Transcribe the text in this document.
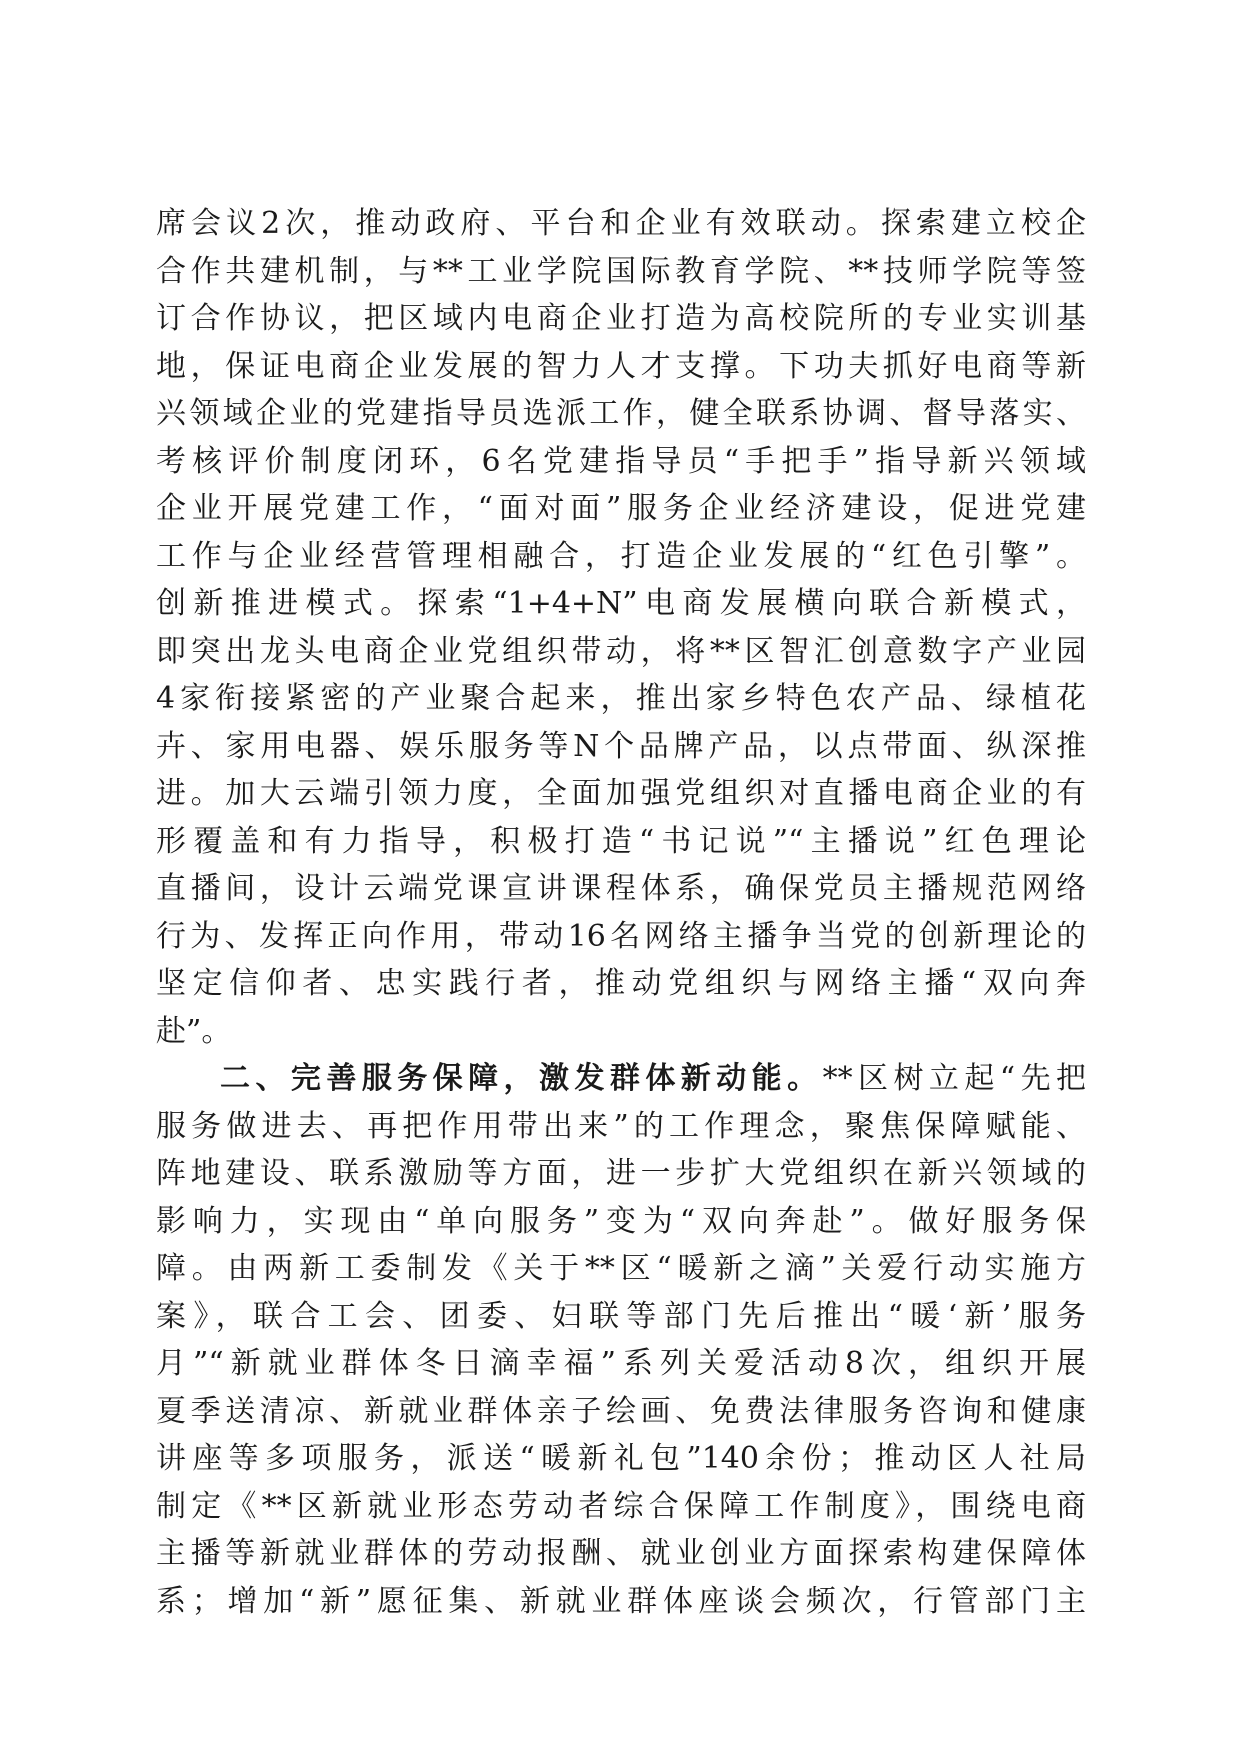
席会议2次，推动政府、平台和企业有效联动。探索建立校企
合作共建机制，与**工业学院国际教育学院、**技师学院等签
订合作协议，把区域内电商企业打造为高校院所的专业实训基
地，保证电商企业发展的智力人才支撑。下功夫抓好电商等新
兴领域企业的党建指导员选派工作，健全联系协调、督导落实、
考核评价制度闭环，6名党建指导员“手把手”指导新兴领域
企业开展党建工作，“面对面”服务企业经济建设，促进党建
工作与企业经营管理相融合，打造企业发展的“红色引擎”。
创新推进模式。探索“1+4+N”电商发展横向联合新模式，
即突出龙头电商企业党组织带动，将**区智汇创意数字产业园
4家衔接紧密的产业聚合起来，推出家乡特色农产品、绿植花
卉、家用电器、娱乐服务等N个品牌产品，以点带面、纵深推
进。加大云端引领力度，全面加强党组织对直播电商企业的有
形覆盖和有力指导，积极打造“书记说”“主播说”红色理论
直播间，设计云端党课宣讲课程体系，确保党员主播规范网络
行为、发挥正向作用，带动16名网络主播争当党的创新理论的
坚定信仰者、忠实践行者，推动党组织与网络主播“双向奔
赴”。
二、完善服务保障，激发群体新动能。**区树立起“先把
服务做进去、再把作用带出来”的工作理念，聚焦保障赋能、
阵地建设、联系激励等方面，进一步扩大党组织在新兴领域的
影响力，实现由“单向服务”变为“双向奔赴”。做好服务保
障。由两新工委制发《关于**区“暖新之滴”关爱行动实施方
案》，联合工会、团委、妇联等部门先后推出“暖‘新’服务
月”“新就业群体冬日滴幸福”系列关爱活动8次，组织开展
夏季送清凉、新就业群体亲子绘画、免费法律服务咨询和健康
讲座等多项服务，派送“暖新礼包”140余份；推动区人社局
制定《**区新就业形态劳动者综合保障工作制度》，围绕电商
主播等新就业群体的劳动报酬、就业创业方面探索构建保障体
系；增加“新”愿征集、新就业群体座谈会频次，行管部门主
